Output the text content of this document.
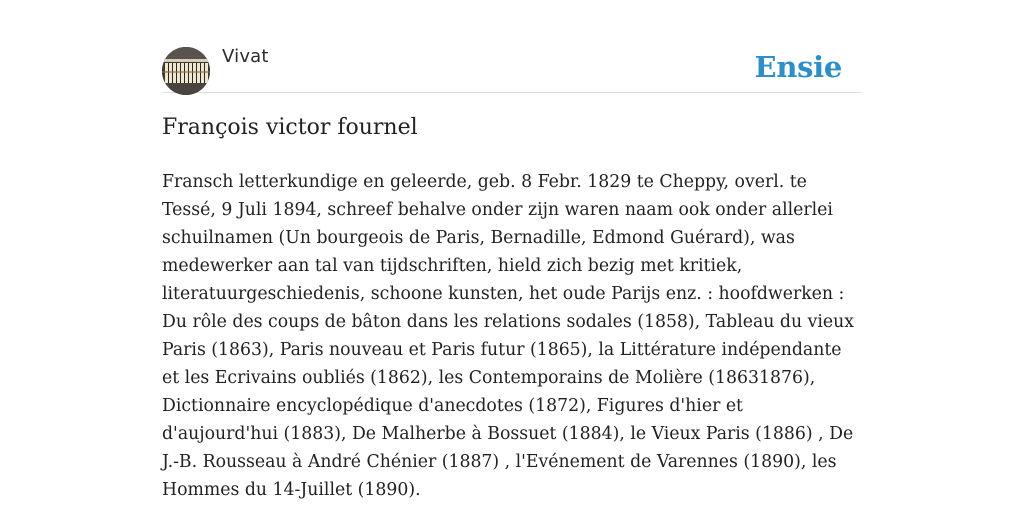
Vivat	Ensie
François victor fournel

Fransch letterkundige en geleerde, geb. 8 Febr. 1829 te Cheppy, overl. te Tessé, 9 Juli 1894, schreef behalve onder zijn waren naam ook onder allerlei schuilnamen (Un bourgeois de Paris, Bernadille, Edmond Guérard), was medewerker aan tal van tijdschriften, hield zich bezig met kritiek, literatuurgeschiedenis, schoone kunsten, het oude Parijs enz. : hoofdwerken : Du rôle des coups de bâton dans les relations sodales (1858), Tableau du vieux Paris (1863), Paris nouveau et Paris futur (1865), la Littérature indépendante et les Ecrivains oubliés (1862), les Contemporains de Molière (18631876), Dictionnaire encyclopédique d'anecdotes (1872), Figures d'hier et d'aujourd'hui (1883), De Malherbe à Bossuet (1884), le Vieux Paris (1886) , De J.-B. Rousseau à André Chénier (1887) , l'Evénement de Varennes (1890), les Hommes du 14-Juillet (1890).
